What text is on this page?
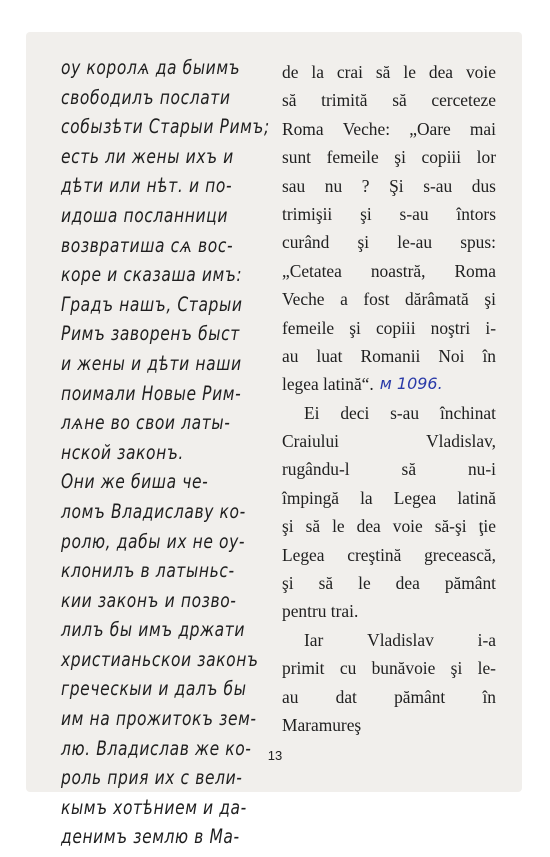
оу королѧ да быимъ
свободилъ послати
собызѣти Старыи Римъ;
есть ли жены ихъ и
дѣти или нѣт. и по-
идоша посланници
возвратиша сѧ вос-
коре и сказаша имъ:
Градъ нашъ, Старыи
Римъ заворенъ быст
и жены и дѣти наши
поимали Новые Рим-
лѧне во свои латы-
нской законъ.
Они же биша че-
ломъ Владиславу ко-
ролю, дабы их не оу-
клонилъ в латыньс-
кии законъ и позво-
лилъ бы имъ држати
христианьскои законъ
греческыи и далъ бы
им на прожитокъ зем-
лю. Владислав же ко-
роль прия их с вели-
кымъ хотѣнием и да-
денимъ землю в Ма-
de la crai să le dea voie
să trimită să cerceteze
Roma Veche: „Oare mai
sunt femeile şi copiii lor
sau nu ? Şi s-au dus
trimişii şi s-au întors
curând şi le-au spus:
„Cetatea noastră, Roma
Veche a fost dărâmată şi
femeile şi copiii noştri i-
au luat Romanii Noi în
legea latină“. м 1096.
Ei deci s-au închinat
Craiului	Vladislav,
rugându-l	să	nu-i
împingă la Legea latină
şi să le dea voie să-şi ţie
Legea creştină grecească,
şi să le dea pământ
pentru trai.
Iar	Vladislav	i-a
primit cu bunăvoie şi le-
au dat pământ în
Maramureş
13
